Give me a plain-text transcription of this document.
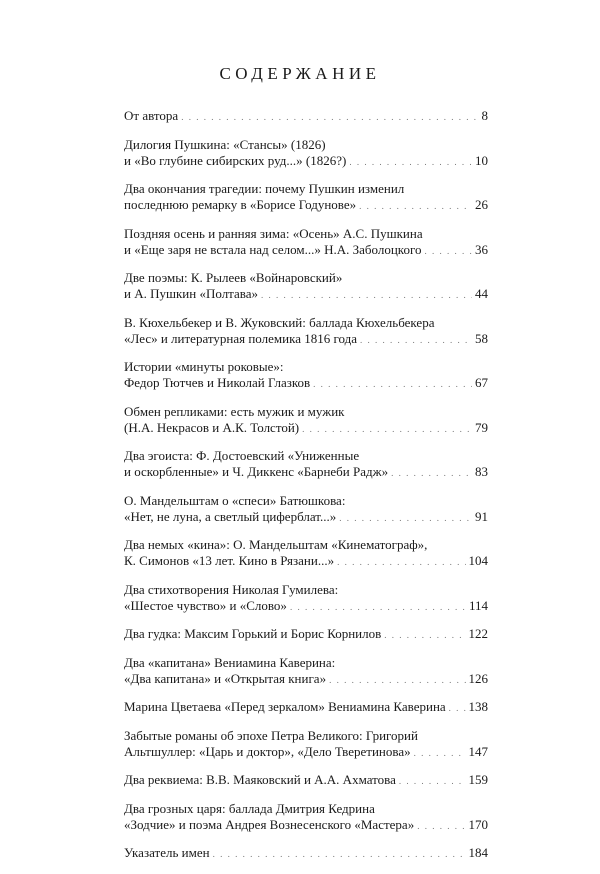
СОДЕРЖАНИЕ
От автора . . .	8
Дилогия Пушкина: «Стансы» (1826)
и «Во глубине сибирских руд...» (1826?) . . .	10
Два окончания трагедии: почему Пушкин изменил
последнюю ремарку в «Борисе Годунове» . . .	26
Поздняя осень и ранняя зима: «Осень» А.С. Пушкина
и «Еще заря не встала над селом...» Н.А. Заболоцкого . . .	36
Две поэмы: К. Рылеев «Войнаровский»
и А. Пушкин «Полтава» . . .	44
В. Кюхельбекер и В. Жуковский: баллада Кюхельбекера
«Лес» и литературная полемика 1816 года . . .	58
Истории «минуты роковые»:
Федор Тютчев и Николай Глазков . . .	67
Обмен репликами: есть мужик и мужик
(Н.А. Некрасов и А.К. Толстой) . . .	79
Два эгоиста: Ф. Достоевский «Униженные
и оскорбленные» и Ч. Диккенс «Барнеби Радж» . . .	83
О. Мандельштам о «спеси» Батюшкова:
«Нет, не луна, а светлый циферблат...» . . .	91
Два немых «кина»: О. Мандельштам «Кинематограф»,
К. Симонов «13 лет. Кино в Рязани...» . . .	104
Два стихотворения Николая Гумилева:
«Шестое чувство» и «Слово» . . .	114
Два гудка: Максим Горький и Борис Корнилов . . .	122
Два «капитана» Вениамина Каверина:
«Два капитана» и «Открытая книга» . . .	126
Марина Цветаева «Перед зеркалом» Вениамина Каверина . . . 138
Забытые романы об эпохе Петра Великого: Григорий
Альтшуллер: «Царь и доктор», «Дело Тверетинова» . . .	147
Два реквиема: В.В. Маяковский и А.А. Ахматова . . .	159
Два грозных царя: баллада Дмитрия Кедрина
«Зодчие» и поэма Андрея Вознесенского «Мастера» . . .	170
Указатель имен . . .	184
